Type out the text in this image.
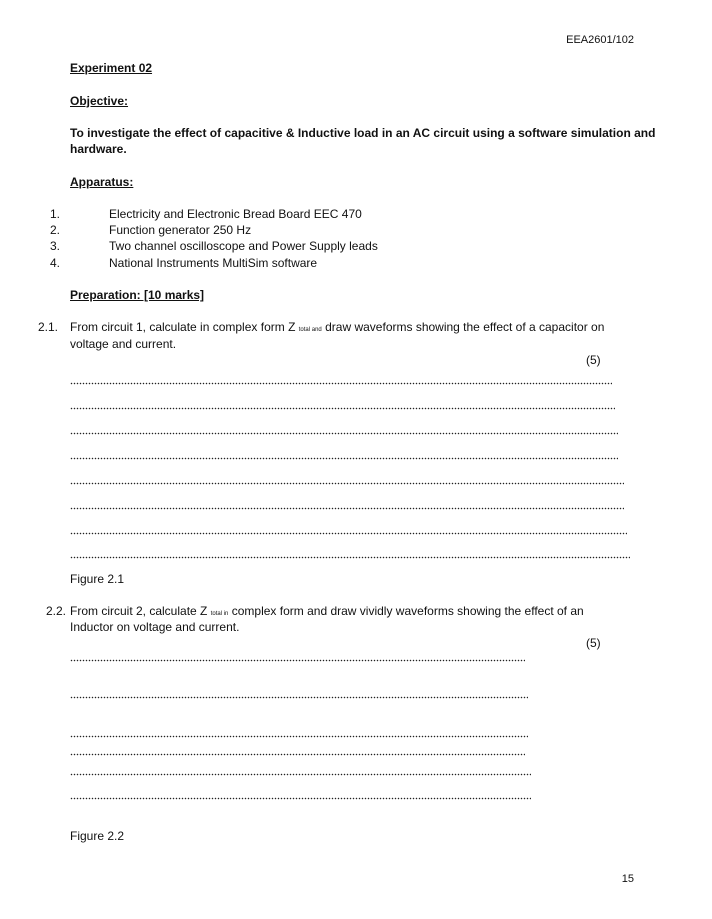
EEA2601/102
Experiment 02
Objective:
To investigate the effect of capacitive & Inductive load in an AC circuit using a software simulation and
hardware.
Apparatus:
1.	Electricity and Electronic Bread Board EEC 470
2.	Function generator 250 Hz
3.	Two channel oscilloscope and Power Supply leads
4.	National Instruments MultiSim software
Preparation: [10 marks]
2.1. From circuit 1, calculate in complex form Z total and draw waveforms showing the effect of a capacitor on
voltage and current.
(5)
Figure 2.1
2.2. From circuit 2, calculate Z total in complex form and draw vividly waveforms showing the effect of an
Inductor on voltage and current.
(5)
Figure 2.2
15
